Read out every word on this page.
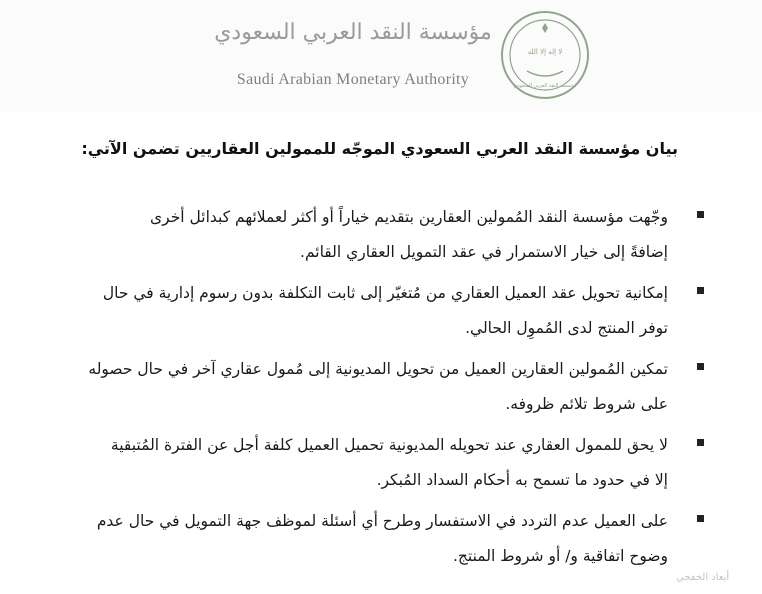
مؤسسة النقد العربي السعودي
Saudi Arabian Monetary Authority
لا إله إلا الله
مؤسسة النقد العربي السعودي
بيان مؤسسة النقد العربي السعودي الموجّه للممولين العقاريين تضمن الآتي:
وجّهت مؤسسة النقد المُمولين العقارين بتقديم خياراً أو أكثر لعملائهم كبدائل أخرى
إضافةً إلى خيار الاستمرار في عقد التمويل العقاري القائم.
إمكانية تحويل عقد العميل العقاري من مُتغيّر إلى ثابت التكلفة بدون رسوم إدارية في حال
توفر المنتج لدى المُموِل الحالي.
تمكين المُمولين العقارين العميل من تحويل المديونية إلى مُمول عقاري آخر في حال حصوله
على شروط تلائم ظروفه.
لا يحق للممول العقاري عند تحويله المديونية تحميل العميل كلفة أجل عن الفترة المُتبقية
إلا في حدود ما تسمح به أحكام السداد المُبكر.
على العميل عدم التردد في الاستفسار وطرح أي أسئلة لموظف جهة التمويل في حال عدم
وضوح اتفاقية و/ أو شروط المنتج.
أبعاد الخفجي
